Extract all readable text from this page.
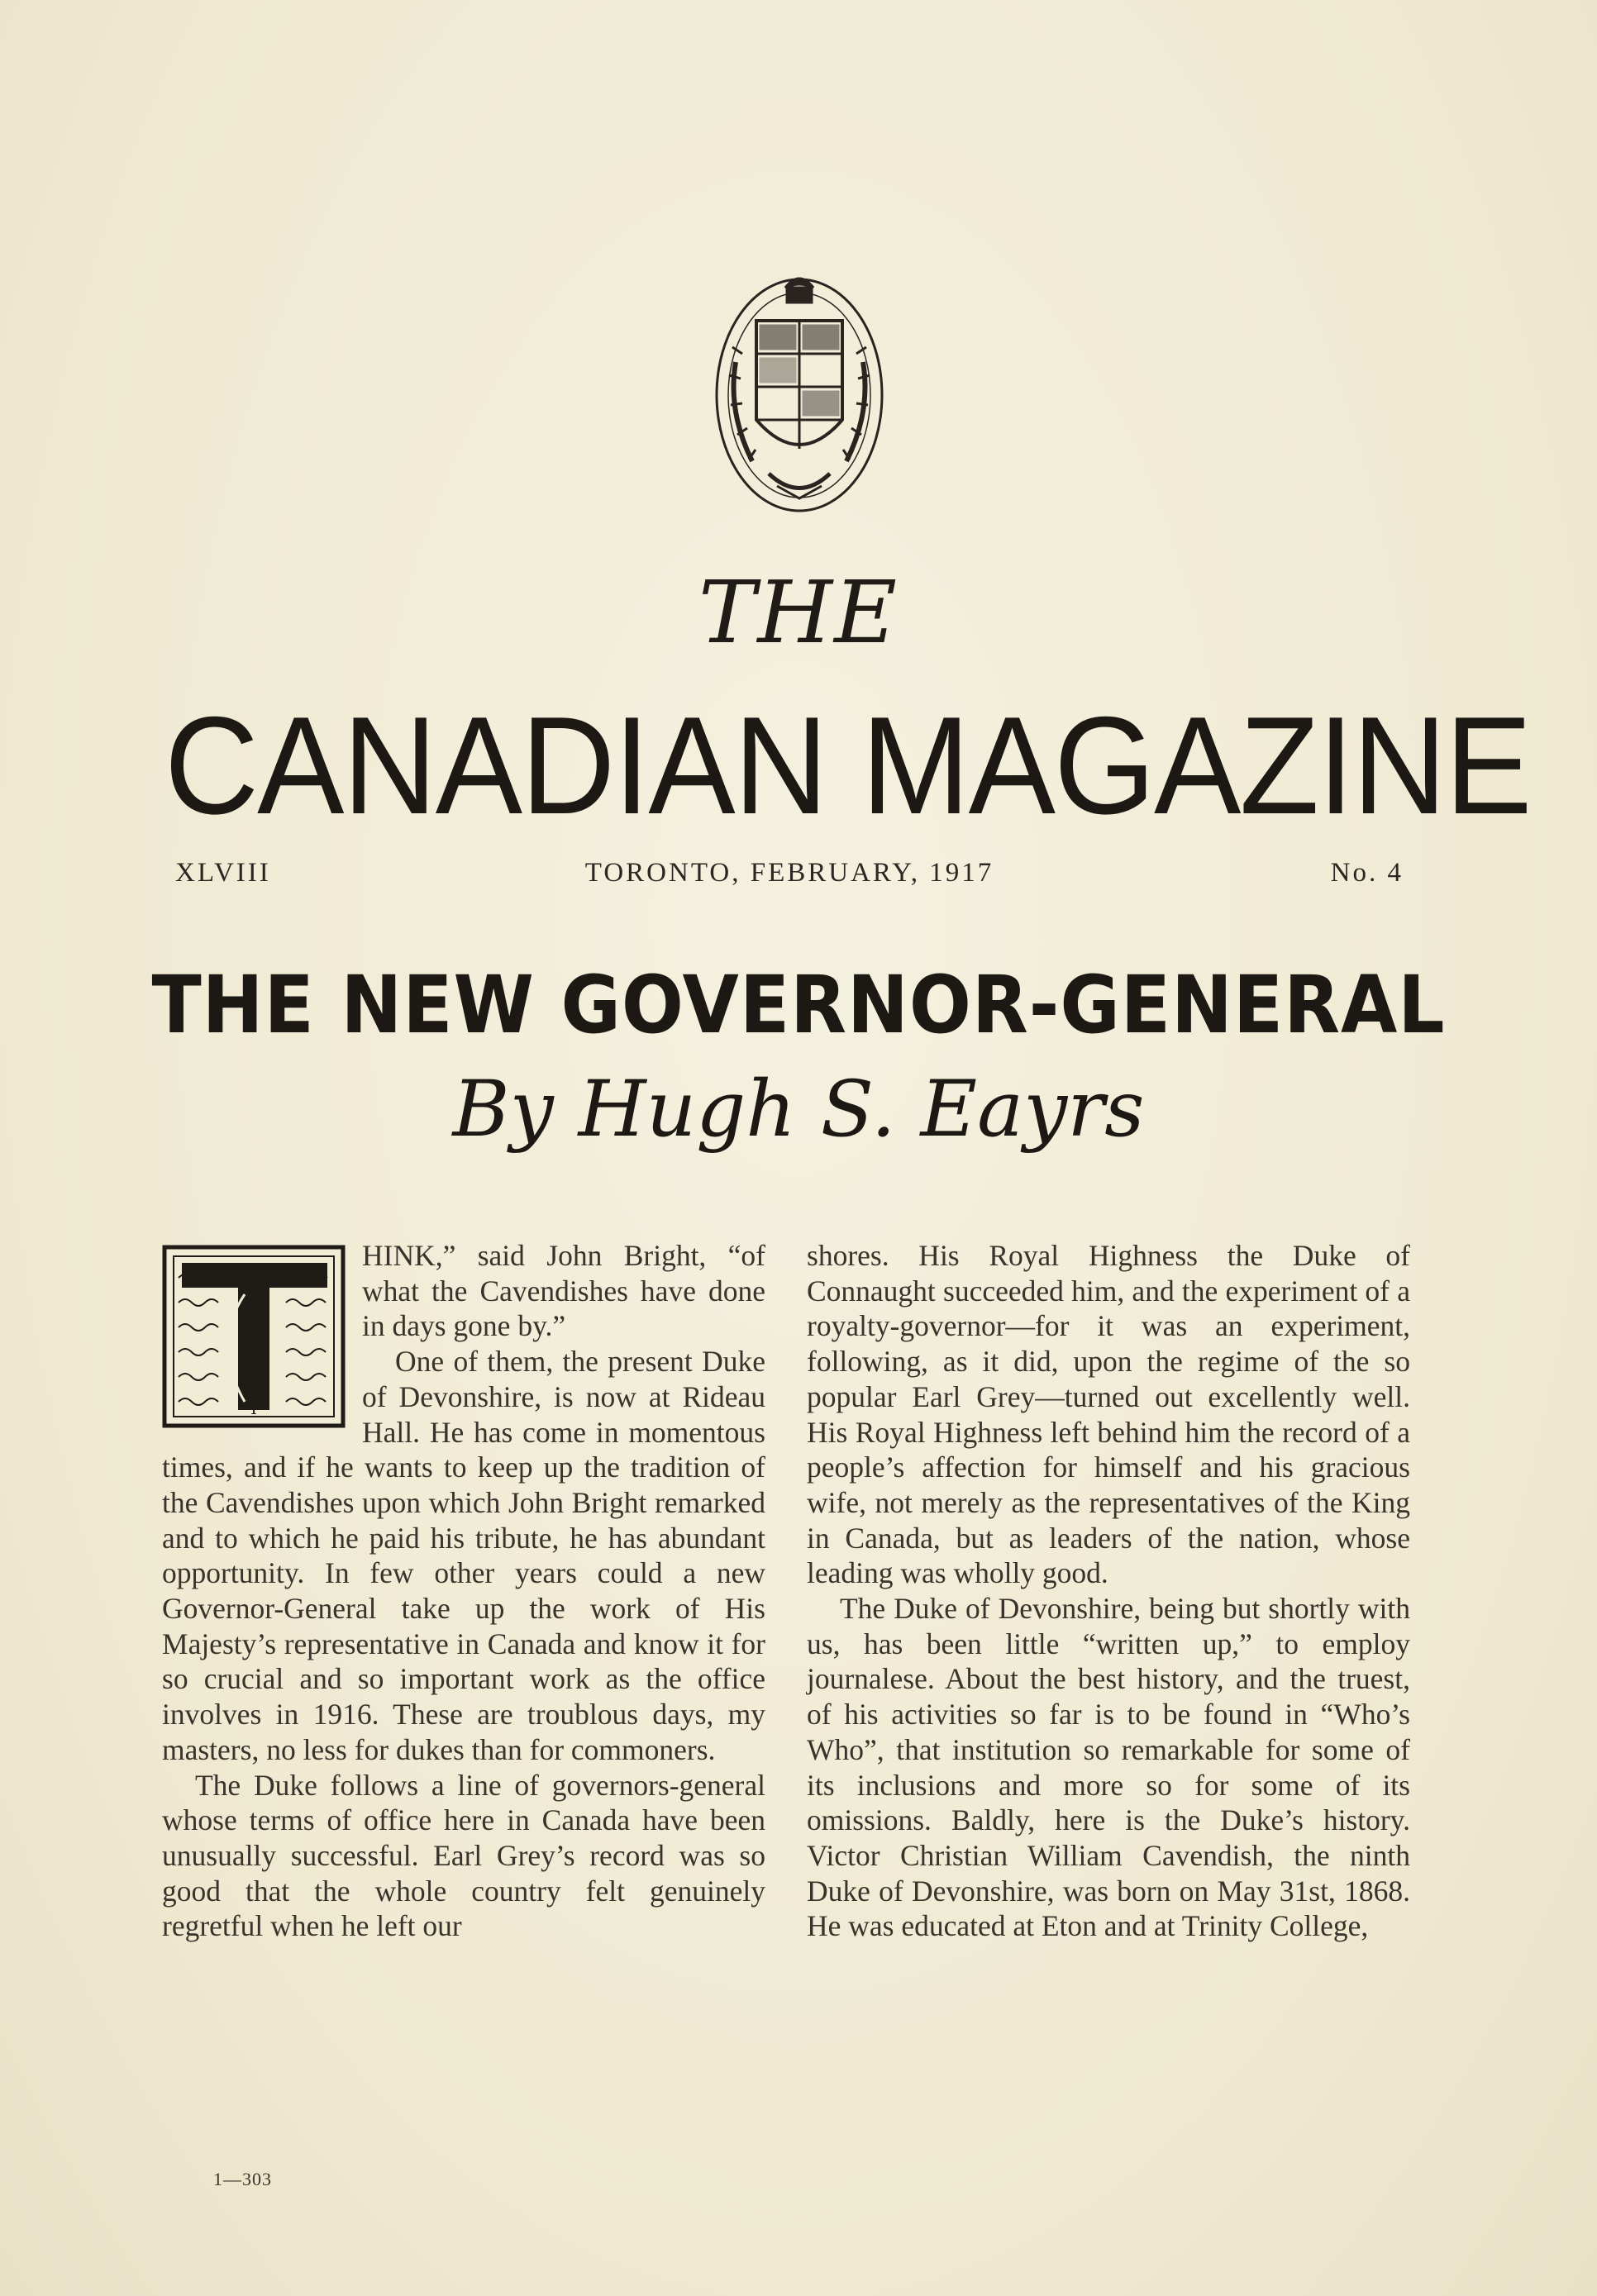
THE
CANADIAN MAGAZINE
XLVIII	TORONTO, FEBRUARY, 1917	No. 4
THE NEW GOVERNOR-GENERAL
By Hugh S. Eayrs
T

HINK,” said John Bright, “of what the Cavendishes have done in days gone by.”

One of them, the present Duke of Devonshire, is now at Rideau Hall. He has come in momentous times, and if he wants to keep up the tradition of the Cavendishes upon which John Bright remarked and to which he paid his tribute, he has abundant opportunity. In few other years could a new Governor-General take up the work of His Majesty’s representative in Canada and know it for so crucial and so important work as the office involves in 1916. These are troublous days, my masters, no less for dukes than for commoners.

The Duke follows a line of governors-general whose terms of office here in Canada have been unusually successful. Earl Grey’s record was so good that the whole country felt genuinely regretful when he left our

shores. His Royal Highness the Duke of Connaught succeeded him, and the experiment of a royalty-governor—for it was an experiment, following, as it did, upon the regime of the so popular Earl Grey—turned out excellently well. His Royal Highness left behind him the record of a people’s affection for himself and his gracious wife, not merely as the representatives of the King in Canada, but as leaders of the nation, whose leading was wholly good.

The Duke of Devonshire, being but shortly with us, has been little “written up,” to employ journalese. About the best history, and the truest, of his activities so far is to be found in “Who’s Who”, that institution so remarkable for some of its inclusions and more so for some of its omissions. Baldly, here is the Duke’s history. Victor Christian William Cavendish, the ninth Duke of Devonshire, was born on May 31st, 1868. He was educated at Eton and at Trinity College,

1—303
